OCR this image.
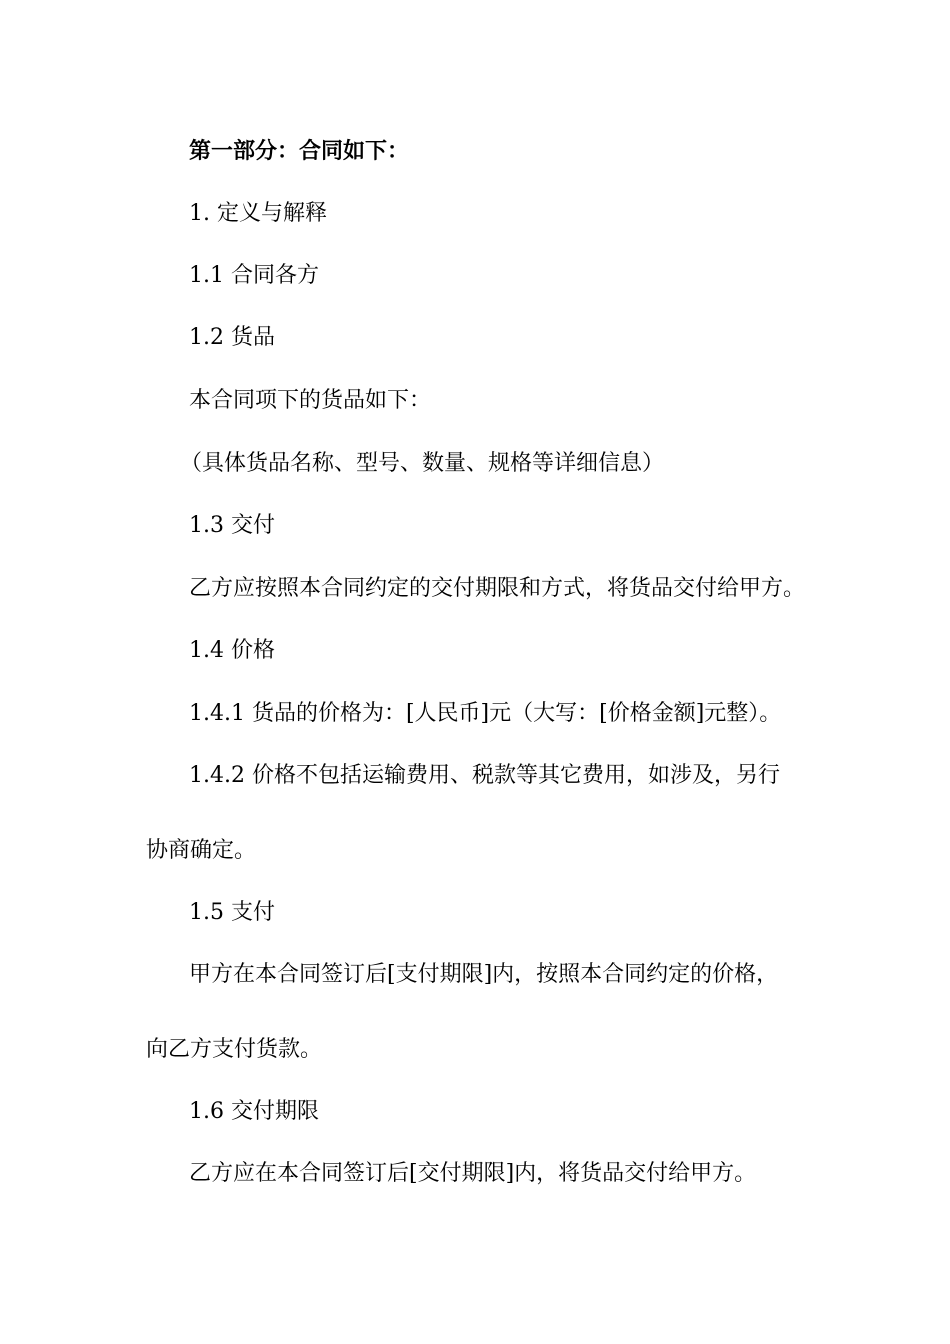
第一部分：合同如下：
1. 定义与解释
1.1 合同各方
1.2 货品
本合同项下的货品如下：
（具体货品名称、型号、数量、规格等详细信息）
1.3 交付
乙方应按照本合同约定的交付期限和方式，将货品交付给甲方。
1.4 价格
1.4.1 货品的价格为：[人民币]元（大写：[价格金额]元整）。
1.4.2 价格不包括运输费用、税款等其它费用，如涉及，另行
协商确定。
1.5 支付
甲方在本合同签订后[支付期限]内，按照本合同约定的价格，
向乙方支付货款。
1.6 交付期限
乙方应在本合同签订后[交付期限]内，将货品交付给甲方。
